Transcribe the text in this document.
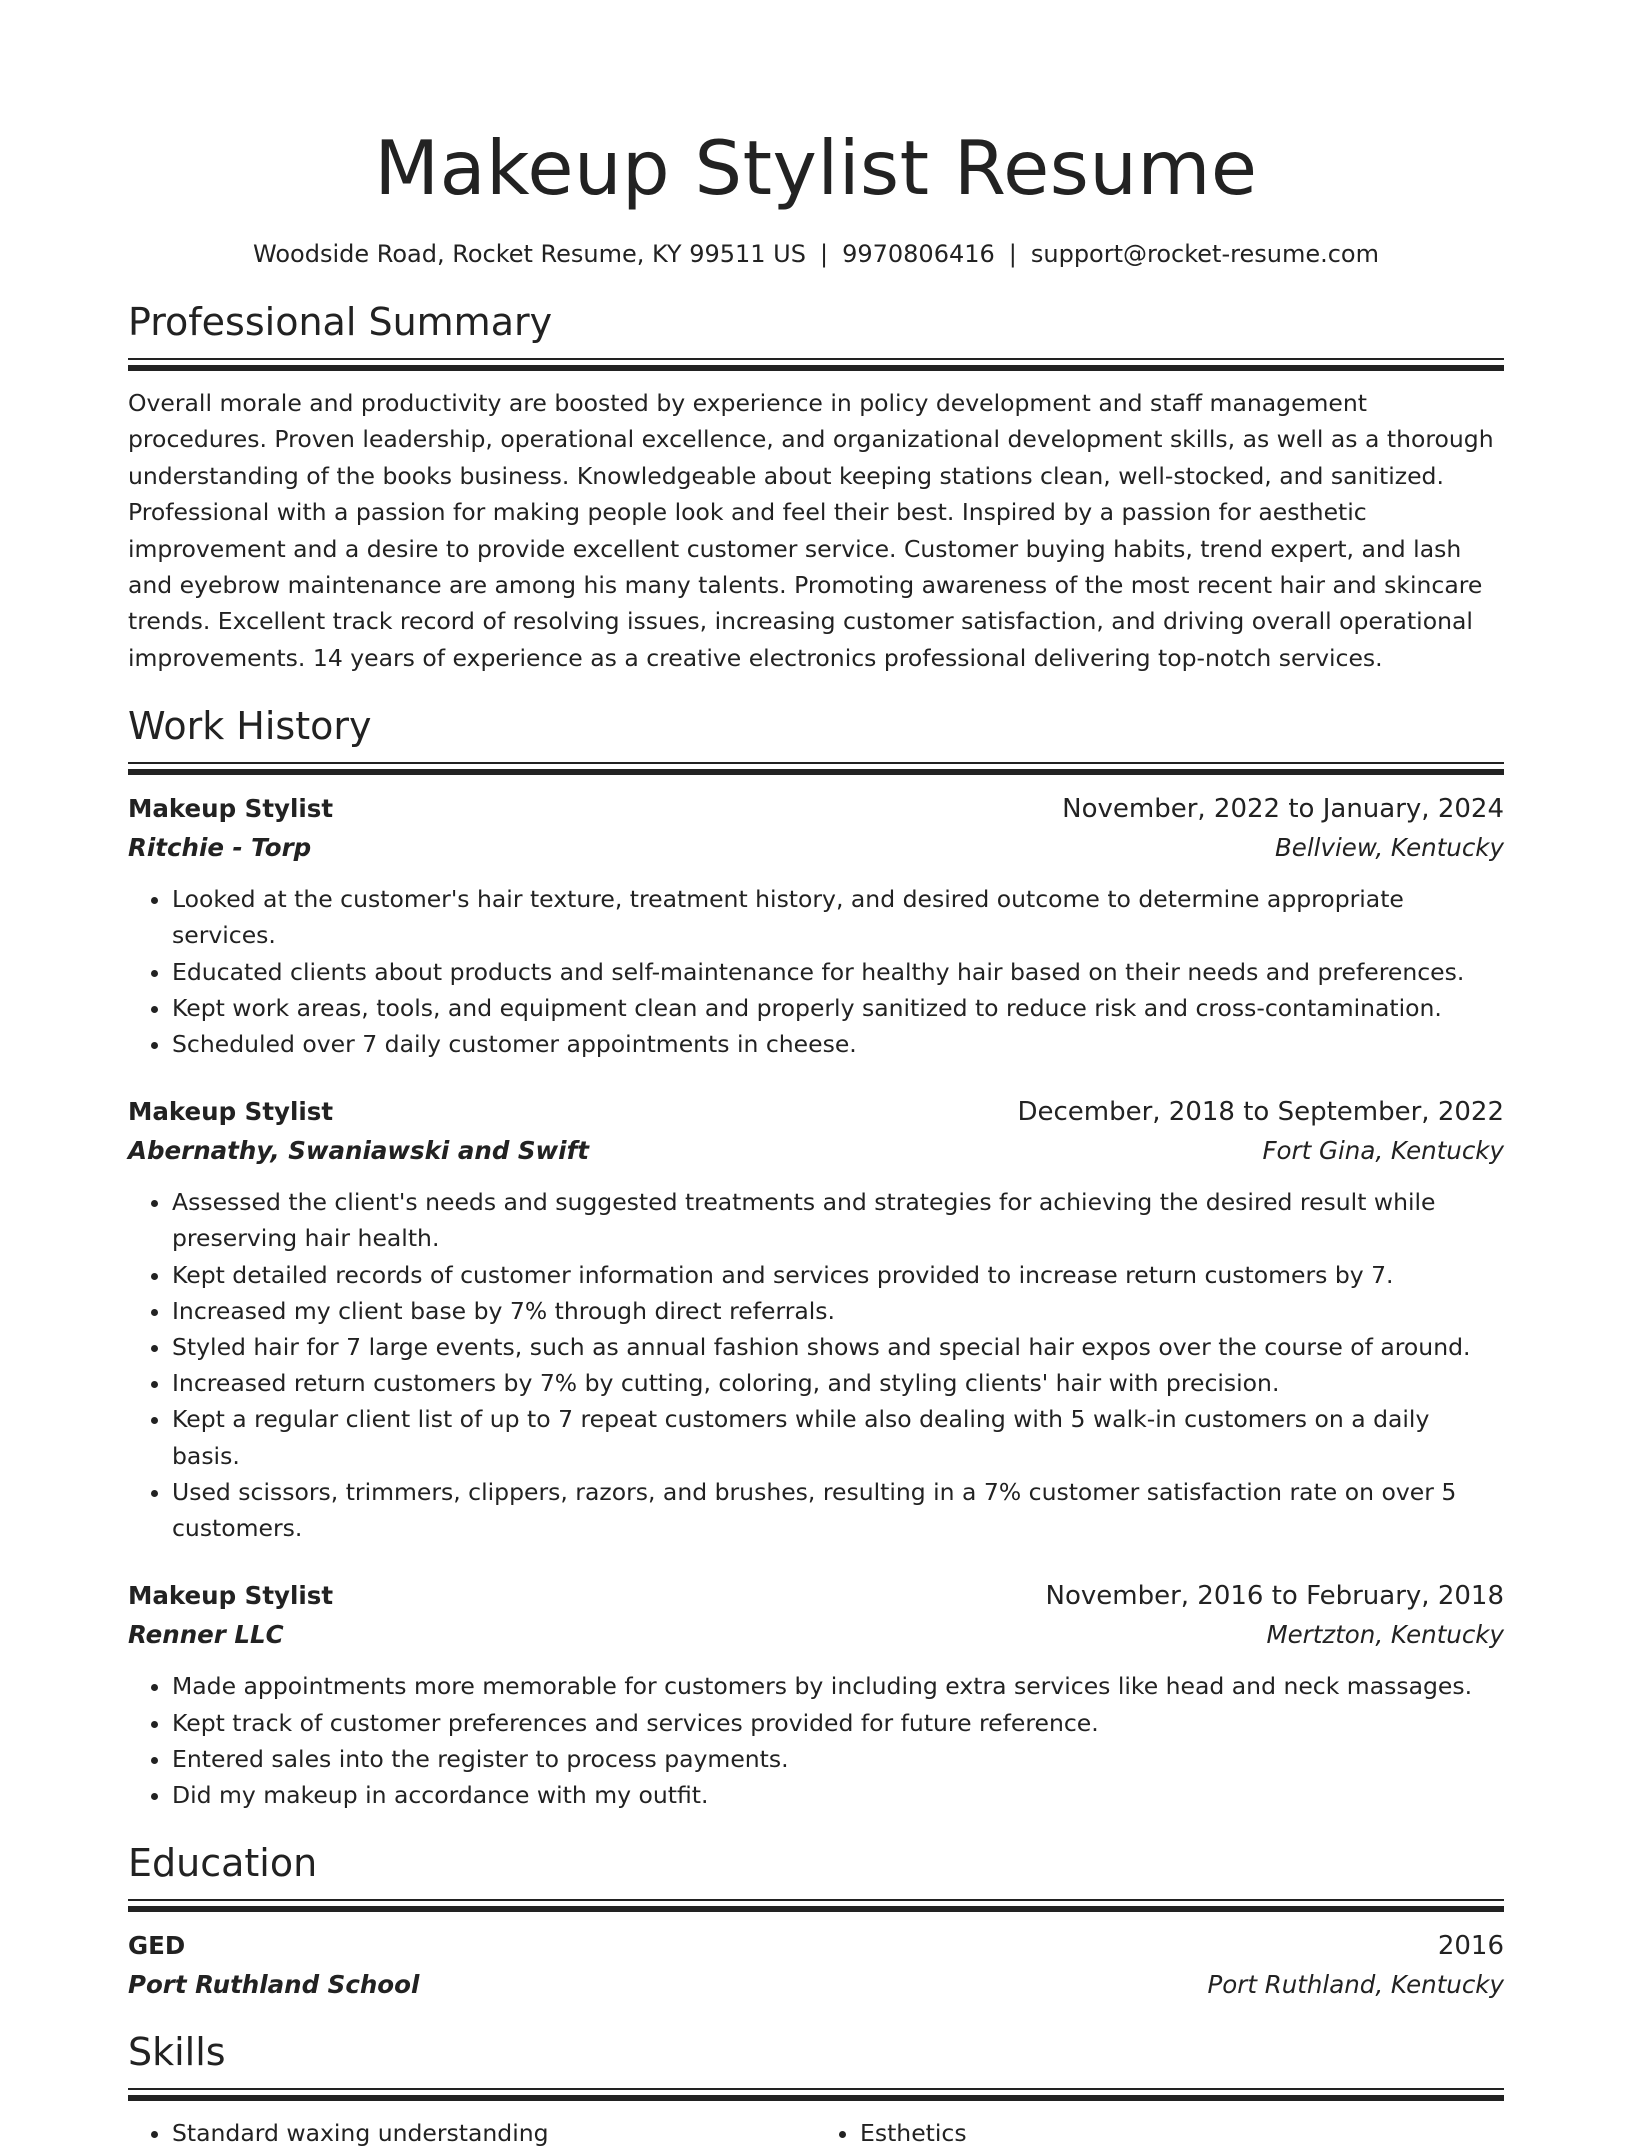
Makeup Stylist Resume
Woodside Road, Rocket Resume, KY 99511 US | 9970806416 | support@rocket-resume.com
Professional Summary

Overall morale and productivity are boosted by experience in policy development and staff management procedures. Proven leadership, operational excellence, and organizational development skills, as well as a thorough understanding of the books business. Knowledgeable about keeping stations clean, well-stocked, and sanitized. Professional with a passion for making people look and feel their best. Inspired by a passion for aesthetic improvement and a desire to provide excellent customer service. Customer buying habits, trend expert, and lash and eyebrow maintenance are among his many talents. Promoting awareness of the most recent hair and skincare trends. Excellent track record of resolving issues, increasing customer satisfaction, and driving overall operational improvements. 14 years of experience as a creative electronics professional delivering top-notch services.

Work History
Makeup Stylist	November, 2022 to January, 2024
Ritchie - Torp	Bellview, Kentucky
• Looked at the customer's hair texture, treatment history, and desired outcome to determine appropriate services.
• Educated clients about products and self-maintenance for healthy hair based on their needs and preferences.
• Kept work areas, tools, and equipment clean and properly sanitized to reduce risk and cross-contamination.
• Scheduled over 7 daily customer appointments in cheese.
Makeup Stylist	December, 2018 to September, 2022
Abernathy, Swaniawski and Swift	Fort Gina, Kentucky
• Assessed the client's needs and suggested treatments and strategies for achieving the desired result while preserving hair health.
• Kept detailed records of customer information and services provided to increase return customers by 7.
• Increased my client base by 7% through direct referrals.
• Styled hair for 7 large events, such as annual fashion shows and special hair expos over the course of around.
• Increased return customers by 7% by cutting, coloring, and styling clients' hair with precision.
• Kept a regular client list of up to 7 repeat customers while also dealing with 5 walk-in customers on a daily basis.
• Used scissors, trimmers, clippers, razors, and brushes, resulting in a 7% customer satisfaction rate on over 5 customers.
Makeup Stylist	November, 2016 to February, 2018
Renner LLC	Mertzton, Kentucky
• Made appointments more memorable for customers by including extra services like head and neck massages.
• Kept track of customer preferences and services provided for future reference.
• Entered sales into the register to process payments.
• Did my makeup in accordance with my outfit.
Education
GED	2016
Port Ruthland School	Port Ruthland, Kentucky
Skills
• Standard waxing understanding
•	Esthetics
